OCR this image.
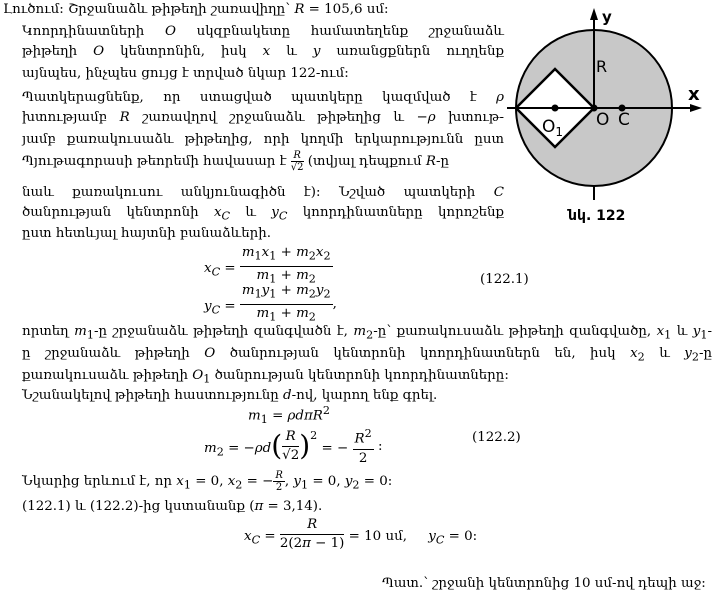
Լուծում: Շրջանաձև թիթեղի շառավիղը՝ R = 105,6 սմ:
Կոորդինատների O սկզբնակետը համատեղենք շրջանաձև
թիթեղի O կենտրոնին, իսկ x և y առանցքներն ուղղենք
այնպես, ինչպես ցույց է տրված նկար 122-ում:
Պատկերացնենք, որ ստացված պատկերը կազմված է ρ
խտությամբ R շառավղով շրջանաձև թիթեղից և −ρ խտութ-
յամբ քառակուսաձև թիթեղից, որի կողմի երկարությունն ըստ
Պյութագորասի թեորեմի հավասար է $\frac{R}{√2}$ (տվյալ դեպքում R-ը
նաև քառակուսու անկյունագիծն է): Նշված պատկերի C
ծանրության կենտրոնի $x_C$ և $y_C$ կոորդինատները կորոշենք
ըստ հետևյալ հայտնի բանաձևերի.
$x_C = \frac{m_1x_1 + m_2x_2}{m_1 + m_2}$
$y_C = \frac{m_1y_1 + m_2y_2}{m_1 + m_2}$ ,
(122.1)
որտեղ $m_1-ը$ շրջանաձև թիթեղի զանգվածն է, $m_2-ը՝$ քառակուսաձև թիթեղի զանգվածը, $x_1$ և $y_1-$
ը շրջանաձև թիթեղի O ծանրության կենտրոնի կոորդինատներն են, իսկ $x_2$ և $y_2-ը$
քառակուսաձև թիթեղի $O_1$ ծանրության կենտրոնի կոորդինատները:
Նշանակելով թիթեղի հաստությունը d-ով, կարող ենք գրել.
$m_1 = \rho d\pi R^2$
$m_2 = -\rho d( \frac{R}{√2} )^2$ = − $\frac{R^2}{2}$ :
(122.2)
Նկարից երևում է, որ $x_1 = 0$, $x_2$ = − $\frac{R}{2}$ , $y_1 = 0$, $y_2 = 0$:
(122.1) և (122.2)-ից կստանանք (π = 3,14).
$x_C = \frac{R}{2(2\pi - 1)} = 10$ սմ,     $y_C = 0$:
Պատ.՝ շրջանի կենտրոնից 10 սմ-ով դեպի աջ:
y
x
R
$O_1$
O C
նկ. 122
